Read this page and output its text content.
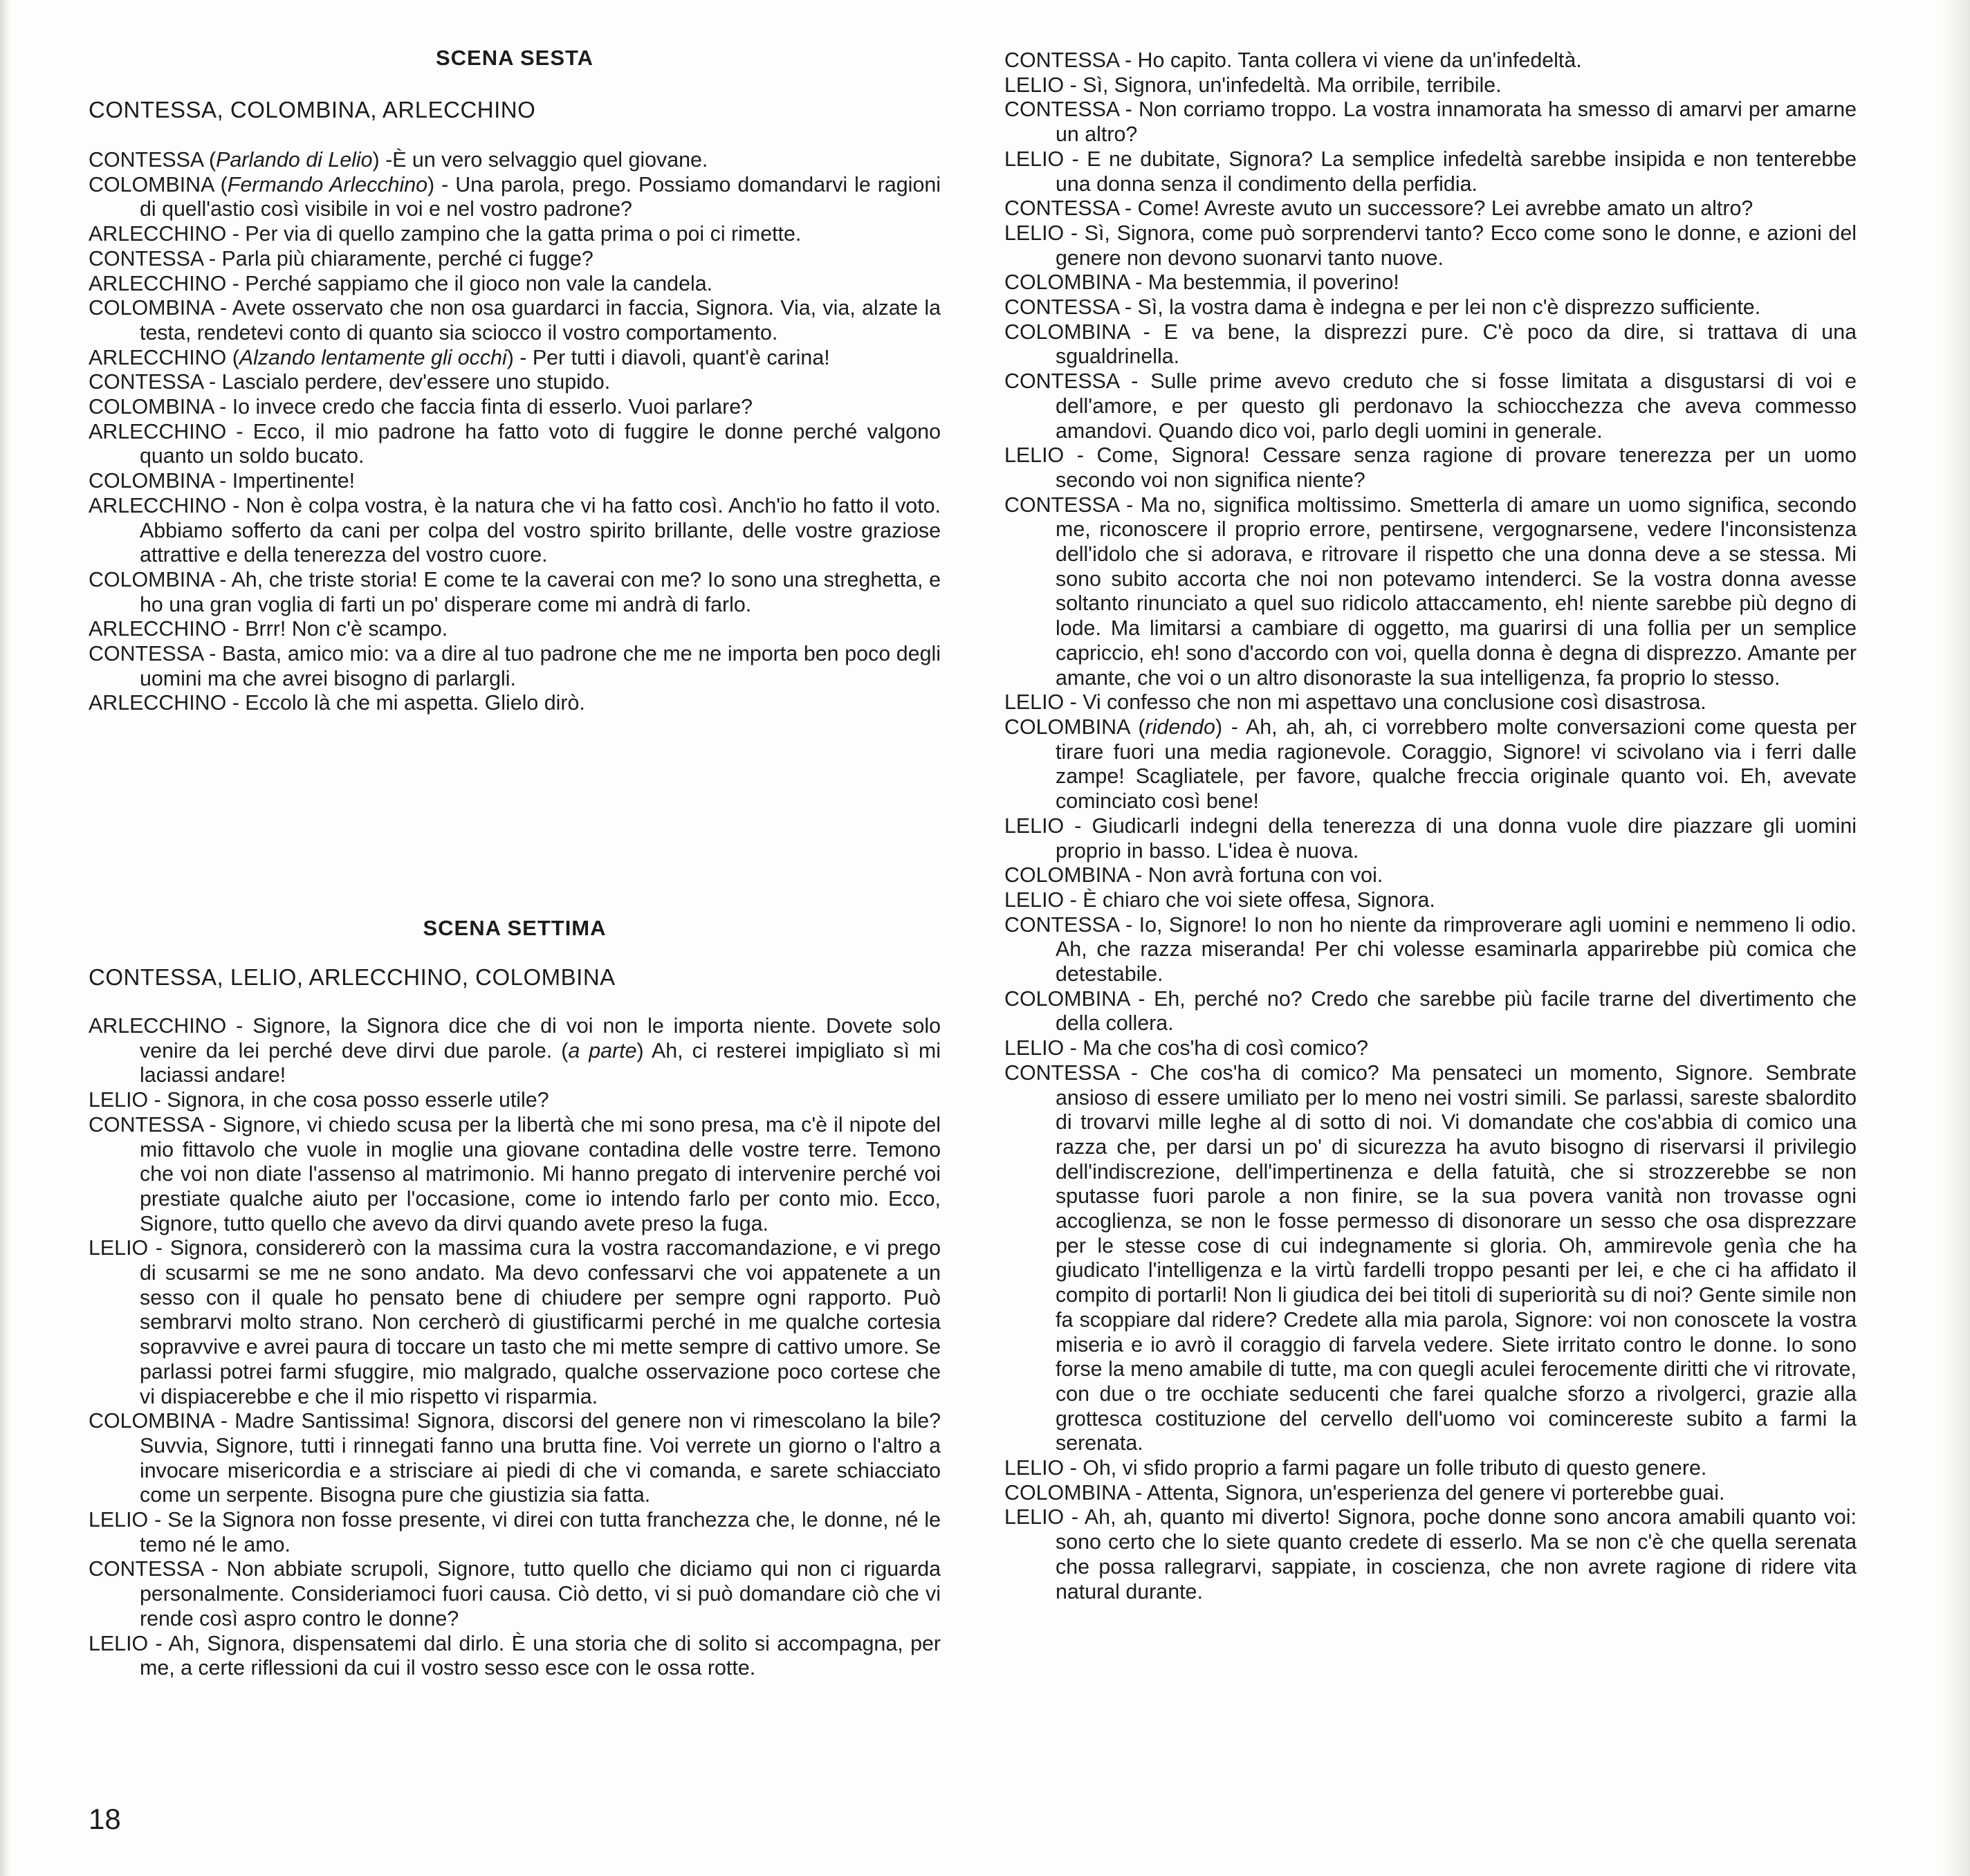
SCENA SESTA
CONTESSA, COLOMBINA, ARLECCHINO

CONTESSA (Parlando di Lelio) -È un vero selvaggio quel giovane.

COLOMBINA (Fermando Arlecchino) - Una parola, prego. Possiamo domandarvi le ragioni di quell'astio così visibile in voi e nel vostro padrone?

ARLECCHINO - Per via di quello zampino che la gatta prima o poi ci rimette.

CONTESSA - Parla più chiaramente, perché ci fugge?

ARLECCHINO - Perché sappiamo che il gioco non vale la candela.

COLOMBINA - Avete osservato che non osa guardarci in faccia, Signora. Via, via, alzate la testa, rendetevi conto di quanto sia sciocco il vostro comportamento.

ARLECCHINO (Alzando lentamente gli occhi) - Per tutti i diavoli, quant'è carina!

CONTESSA - Lascialo perdere, dev'essere uno stupido.

COLOMBINA - Io invece credo che faccia finta di esserlo. Vuoi parlare?

ARLECCHINO - Ecco, il mio padrone ha fatto voto di fuggire le donne perché valgono quanto un soldo bucato.

COLOMBINA - Impertinente!

ARLECCHINO - Non è colpa vostra, è la natura che vi ha fatto così. Anch'io ho fatto il voto. Abbiamo sofferto da cani per colpa del vostro spirito brillante, delle vostre graziose attrattive e della tenerezza del vostro cuore.

COLOMBINA - Ah, che triste storia! E come te la caverai con me? Io sono una streghetta, e ho una gran voglia di farti un po' disperare come mi andrà di farlo.

ARLECCHINO - Brrr! Non c'è scampo.

CONTESSA - Basta, amico mio: va a dire al tuo padrone che me ne importa ben poco degli uomini ma che avrei bisogno di parlargli.

ARLECCHINO - Eccolo là che mi aspetta. Glielo dirò.

SCENA SETTIMA
CONTESSA, LELIO, ARLECCHINO, COLOMBINA

ARLECCHINO - Signore, la Signora dice che di voi non le importa niente. Dovete solo venire da lei perché deve dirvi due parole. (a parte) Ah, ci resterei impigliato sì mi laciassi andare!

LELIO - Signora, in che cosa posso esserle utile?

CONTESSA - Signore, vi chiedo scusa per la libertà che mi sono presa, ma c'è il nipote del mio fittavolo che vuole in moglie una giovane contadina delle vostre terre. Temono che voi non diate l'assenso al matrimonio. Mi hanno pregato di intervenire perché voi prestiate qualche aiuto per l'occasione, come io intendo farlo per conto mio. Ecco, Signore, tutto quello che avevo da dirvi quando avete preso la fuga.

LELIO - Signora, considererò con la massima cura la vostra raccomandazione, e vi prego di scusarmi se me ne sono andato. Ma devo confessarvi che voi appatenete a un sesso con il quale ho pensato bene di chiudere per sempre ogni rapporto. Può sembrarvi molto strano. Non cercherò di giustificarmi perché in me qualche cortesia sopravvive e avrei paura di toccare un tasto che mi mette sempre di cattivo umore. Se parlassi potrei farmi sfuggire, mio malgrado, qualche osservazione poco cortese che vi dispiacerebbe e che il mio rispetto vi risparmia.

COLOMBINA - Madre Santissima! Signora, discorsi del genere non vi rimescolano la bile? Suvvia, Signore, tutti i rinnegati fanno una brutta fine. Voi verrete un giorno o l'altro a invocare misericordia e a strisciare ai piedi di che vi comanda, e sarete schiacciato come un serpente. Bisogna pure che giustizia sia fatta.

LELIO - Se la Signora non fosse presente, vi direi con tutta franchezza che, le donne, né le temo né le amo.

CONTESSA - Non abbiate scrupoli, Signore, tutto quello che diciamo qui non ci riguarda personalmente. Consideriamoci fuori causa. Ciò detto, vi si può domandare ciò che vi rende così aspro contro le donne?

LELIO - Ah, Signora, dispensatemi dal dirlo. È una storia che di solito si accompagna, per me, a certe riflessioni da cui il vostro sesso esce con le ossa rotte.

CONTESSA - Ho capito. Tanta collera vi viene da un'infedeltà.

LELIO - Sì, Signora, un'infedeltà. Ma orribile, terribile.

CONTESSA - Non corriamo troppo. La vostra innamorata ha smesso di amarvi per amarne un altro?

LELIO - E ne dubitate, Signora? La semplice infedeltà sarebbe insipida e non tenterebbe una donna senza il condimento della perfidia.

CONTESSA - Come! Avreste avuto un successore? Lei avrebbe amato un altro?

LELIO - Sì, Signora, come può sorprendervi tanto? Ecco come sono le donne, e azioni del genere non devono suonarvi tanto nuove.

COLOMBINA - Ma bestemmia, il poverino!

CONTESSA - Sì, la vostra dama è indegna e per lei non c'è disprezzo sufficiente.

COLOMBINA - E va bene, la disprezzi pure. C'è poco da dire, si trattava di una sgualdrinella.

CONTESSA - Sulle prime avevo creduto che si fosse limitata a disgustarsi di voi e dell'amore, e per questo gli perdonavo la schiocchezza che aveva commesso amandovi. Quando dico voi, parlo degli uomini in generale.

LELIO - Come, Signora! Cessare senza ragione di provare tenerezza per un uomo secondo voi non significa niente?

CONTESSA - Ma no, significa moltissimo. Smetterla di amare un uomo significa, secondo me, riconoscere il proprio errore, pentirsene, vergognarsene, vedere l'inconsistenza dell'idolo che si adorava, e ritrovare il rispetto che una donna deve a se stessa. Mi sono subito accorta che noi non potevamo intenderci. Se la vostra donna avesse soltanto rinunciato a quel suo ridicolo attaccamento, eh! niente sarebbe più degno di lode. Ma limitarsi a cambiare di oggetto, ma guarirsi di una follia per un semplice capriccio, eh! sono d'accordo con voi, quella donna è degna di disprezzo. Amante per amante, che voi o un altro disonoraste la sua intelligenza, fa proprio lo stesso.

LELIO - Vi confesso che non mi aspettavo una conclusione così disastrosa.

COLOMBINA (ridendo) - Ah, ah, ah, ci vorrebbero molte conversazioni come questa per tirare fuori una media ragionevole. Coraggio, Signore! vi scivolano via i ferri dalle zampe! Scagliatele, per favore, qualche freccia originale quanto voi. Eh, avevate cominciato così bene!

LELIO - Giudicarli indegni della tenerezza di una donna vuole dire piazzare gli uomini proprio in basso. L'idea è nuova.

COLOMBINA - Non avrà fortuna con voi.

LELIO - È chiaro che voi siete offesa, Signora.

CONTESSA - Io, Signore! Io non ho niente da rimproverare agli uomini e nemmeno li odio. Ah, che razza miseranda! Per chi volesse esaminarla apparirebbe più comica che detestabile.

COLOMBINA - Eh, perché no? Credo che sarebbe più facile trarne del divertimento che della collera.

LELIO - Ma che cos'ha di così comico?

CONTESSA - Che cos'ha di comico? Ma pensateci un momento, Signore. Sembrate ansioso di essere umiliato per lo meno nei vostri simili. Se parlassi, sareste sbalordito di trovarvi mille leghe al di sotto di noi. Vi domandate che cos'abbia di comico una razza che, per darsi un po' di sicurezza ha avuto bisogno di riservarsi il privilegio dell'indiscrezione, dell'impertinenza e della fatuità, che si strozzerebbe se non sputasse fuori parole a non finire, se la sua povera vanità non trovasse ogni accoglienza, se non le fosse permesso di disonorare un sesso che osa disprezzare per le stesse cose di cui indegnamente si gloria. Oh, ammirevole genìa che ha giudicato l'intelligenza e la virtù fardelli troppo pesanti per lei, e che ci ha affidato il compito di portarli! Non li giudica dei bei titoli di superiorità su di noi? Gente simile non fa scoppiare dal ridere? Credete alla mia parola, Signore: voi non conoscete la vostra miseria e io avrò il coraggio di farvela vedere. Siete irritato contro le donne. Io sono forse la meno amabile di tutte, ma con quegli aculei ferocemente diritti che vi ritrovate, con due o tre occhiate seducenti che farei qualche sforzo a rivolgerci, grazie alla grottesca costituzione del cervello dell'uomo voi comincereste subito a farmi la serenata.

LELIO - Oh, vi sfido proprio a farmi pagare un folle tributo di questo genere.

COLOMBINA - Attenta, Signora, un'esperienza del genere vi porterebbe guai.

LELIO - Ah, ah, quanto mi diverto! Signora, poche donne sono ancora amabili quanto voi: sono certo che lo siete quanto credete di esserlo. Ma se non c'è che quella serenata che possa rallegrarvi, sappiate, in coscienza, che non avrete ragione di ridere vita natural durante.

18
